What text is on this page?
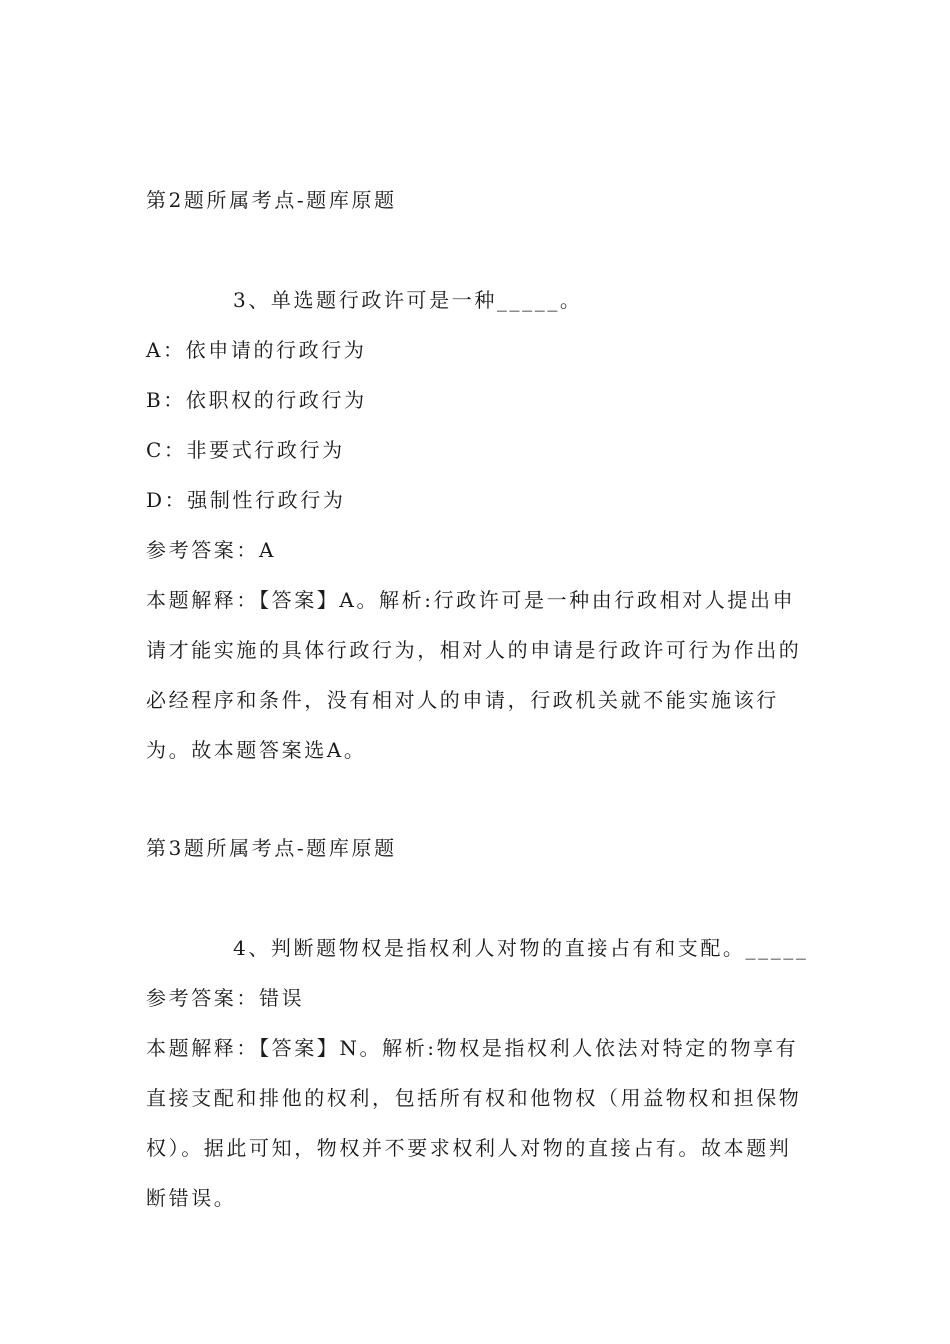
第2题所属考点-题库原题
3、单选题行政许可是一种_____。
A：依申请的行政行为
B：依职权的行政行为
C：非要式行政行为
D：强制性行政行为
参考答案：A
本题解释：【答案】A。解析:行政许可是一种由行政相对人提出申请才能实施的具体行政行为，相对人的申请是行政许可行为作出的必经程序和条件，没有相对人的申请，行政机关就不能实施该行为。故本题答案选A。
第3题所属考点-题库原题
4、判断题物权是指权利人对物的直接占有和支配。_____
参考答案：错误
本题解释：【答案】N。解析:物权是指权利人依法对特定的物享有直接支配和排他的权利，包括所有权和他物权（用益物权和担保物权）。据此可知，物权并不要求权利人对物的直接占有。故本题判断错误。
